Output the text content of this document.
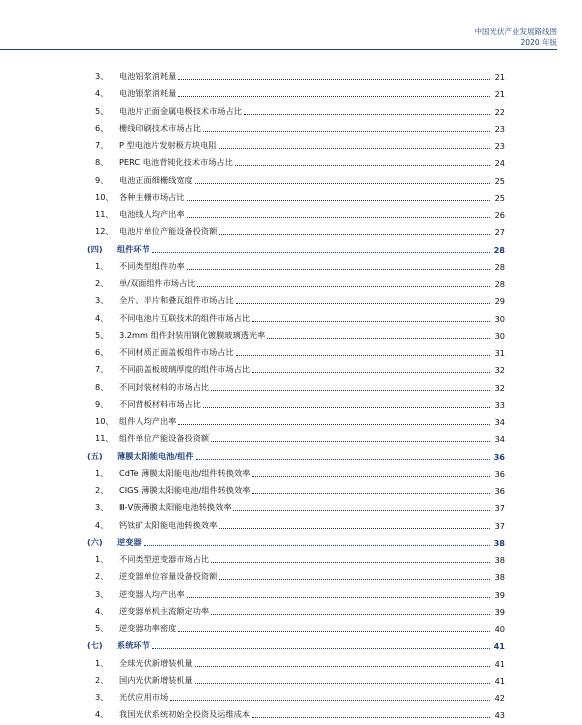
中国光伏产业发展路线图
2020 年版
3、	电池铝浆消耗量	21
4、	电池银浆消耗量	21
5、	电池片正面金属电极技术市场占比	22
6、	栅线印刷技术市场占比	23
7、	P 型电池片发射极方块电阻	23
8、	PERC 电池背钝化技术市场占比	24
9、	电池正面细栅线宽度	25
10、 各种主栅市场占比	25
11、 电池线人均产出率	26
12、 电池片单位产能设备投资额	27
(四)	组件环节	28
1、	不同类型组件功率	28
2、	单/双面组件市场占比	28
3、	全片、半片和叠瓦组件市场占比	29
4、	不同电池片互联技术的组件市场占比	30
5、	3.2mm 组件封装用钢化镀膜玻璃透光率	30
6、	不同材质正面盖板组件市场占比	31
7、	不同前盖板玻璃厚度的组件市场占比	32
8、	不同封装材料的市场占比	32
9、	不同背板材料市场占比	33
10、 组件人均产出率	34
11、 组件单位产能设备投资额	34
(五)	薄膜太阳能电池/组件	36
1、	CdTe 薄膜太阳能电池/组件转换效率	36
2、	CIGS 薄膜太阳能电池/组件转换效率	36
3、	Ⅲ-Ⅴ族薄膜太阳能电池转换效率	37
4、	钙钛矿太阳能电池转换效率	37
(六)	逆变器	38
1、	不同类型逆变器市场占比	38
2、	逆变器单位容量设备投资额	38
3、	逆变器人均产出率	39
4、	逆变器单机主流额定功率	39
5、	逆变器功率密度	40
(七)	系统环节	41
1、	全球光伏新增装机量	41
2、	国内光伏新增装机量	41
3、	光伏应用市场	42
4、	我国光伏系统初始全投资及运维成本	43
